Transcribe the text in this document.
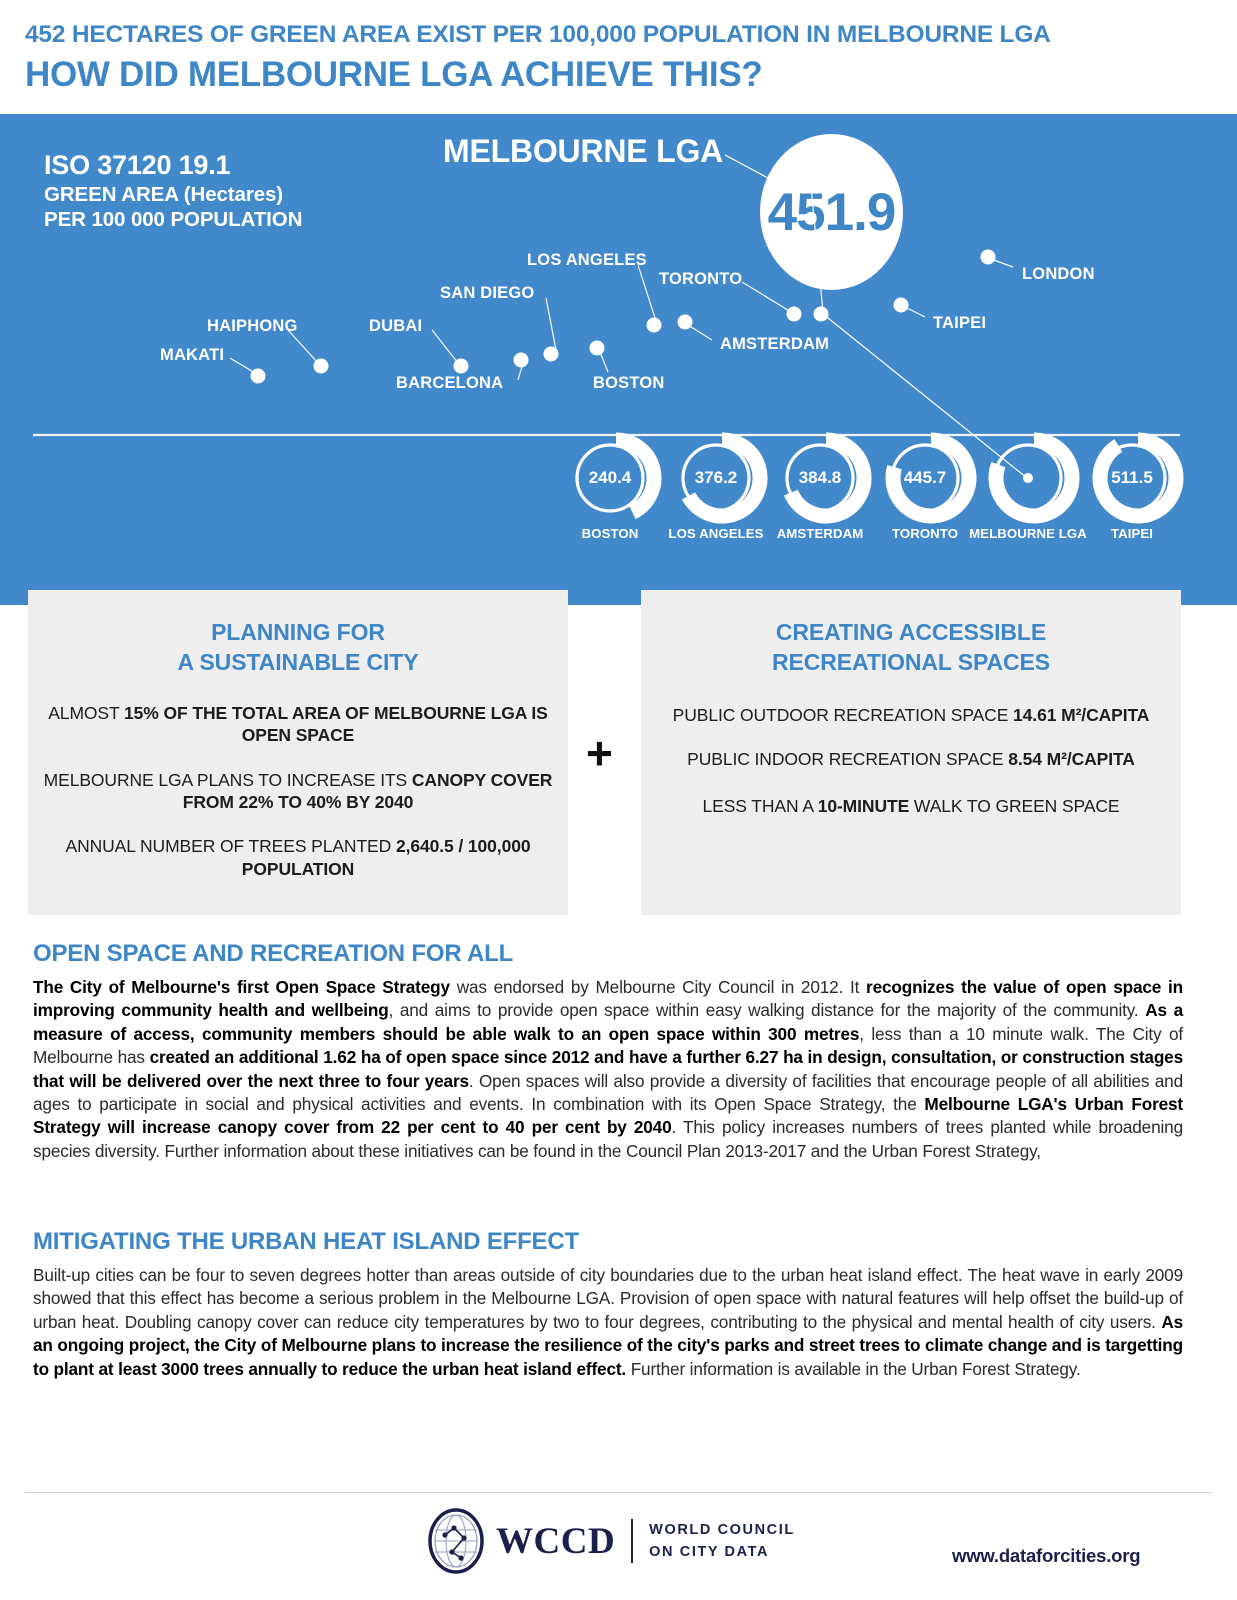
452 HECTARES OF GREEN AREA EXIST PER 100,000 POPULATION IN MELBOURNE LGA
HOW DID MELBOURNE LGA ACHIEVE THIS?
ISO 37120 19.1
GREEN AREA (Hectares)
PER 100 000 POPULATION
MELBOURNE LGA
451.9
MAKATI
HAIPHONG	DUBAI
BARCELONA
SAN DIEGO
BOSTON
LOS ANGELES
AMSTERDAM
TORONTO
TAIPEI
LONDON
240.4
BOSTON
376.2
LOS ANGELES
384.8
AMSTERDAM
445.7
TORONTO MELBOURNE LGA
511.5
TAIPEI
PLANNING FOR
A SUSTAINABLE CITY

ALMOST 15% OF THE TOTAL AREA OF MELBOURNE LGA IS OPEN SPACE

MELBOURNE LGA PLANS TO INCREASE ITS CANOPY COVER FROM 22% TO 40% BY 2040

ANNUAL NUMBER OF TREES PLANTED 2,640.5 / 100,000 POPULATION

+
CREATING ACCESSIBLE
RECREATIONAL SPACES

PUBLIC OUTDOOR RECREATION SPACE 14.61 M²/CAPITA

PUBLIC INDOOR RECREATION SPACE 8.54 M²/CAPITA

LESS THAN A 10-MINUTE WALK TO GREEN SPACE

OPEN SPACE AND RECREATION FOR ALL

The City of Melbourne's first Open Space Strategy was endorsed by Melbourne City Council in 2012. It recognizes the value of open space in improving community health and wellbeing, and aims to provide open space within easy walking distance for the majority of the community. As a measure of access, community members should be able walk to an open space within 300 metres, less than a 10 minute walk. The City of Melbourne has created an additional 1.62 ha of open space since 2012 and have a further 6.27 ha in design, consultation, or construction stages that will be delivered over the next three to four years. Open spaces will also provide a diversity of facilities that encourage people of all abilities and ages to participate in social and physical activities and events. In combination with its Open Space Strategy, the Melbourne LGA's Urban Forest Strategy will increase canopy cover from 22 per cent to 40 per cent by 2040. This policy increases numbers of trees planted while broadening species diversity. Further information about these initiatives can be found in the Council Plan 2013-2017 and the Urban Forest Strategy,

MITIGATING THE URBAN HEAT ISLAND EFFECT

Built-up cities can be four to seven degrees hotter than areas outside of city boundaries due to the urban heat island effect. The heat wave in early 2009 showed that this effect has become a serious problem in the Melbourne LGA. Provision of open space with natural features will help offset the build-up of urban heat. Doubling canopy cover can reduce city temperatures by two to four degrees, contributing to the physical and mental health of city users. As an ongoing project, the City of Melbourne plans to increase the resilience of the city's parks and street trees to climate change and is targetting to plant at least 3000 trees annually to reduce the urban heat island effect. Further information is available in the Urban Forest Strategy.

WCCD WORLD COUNCIL
ON CITY DATA	www.dataforcities.org
